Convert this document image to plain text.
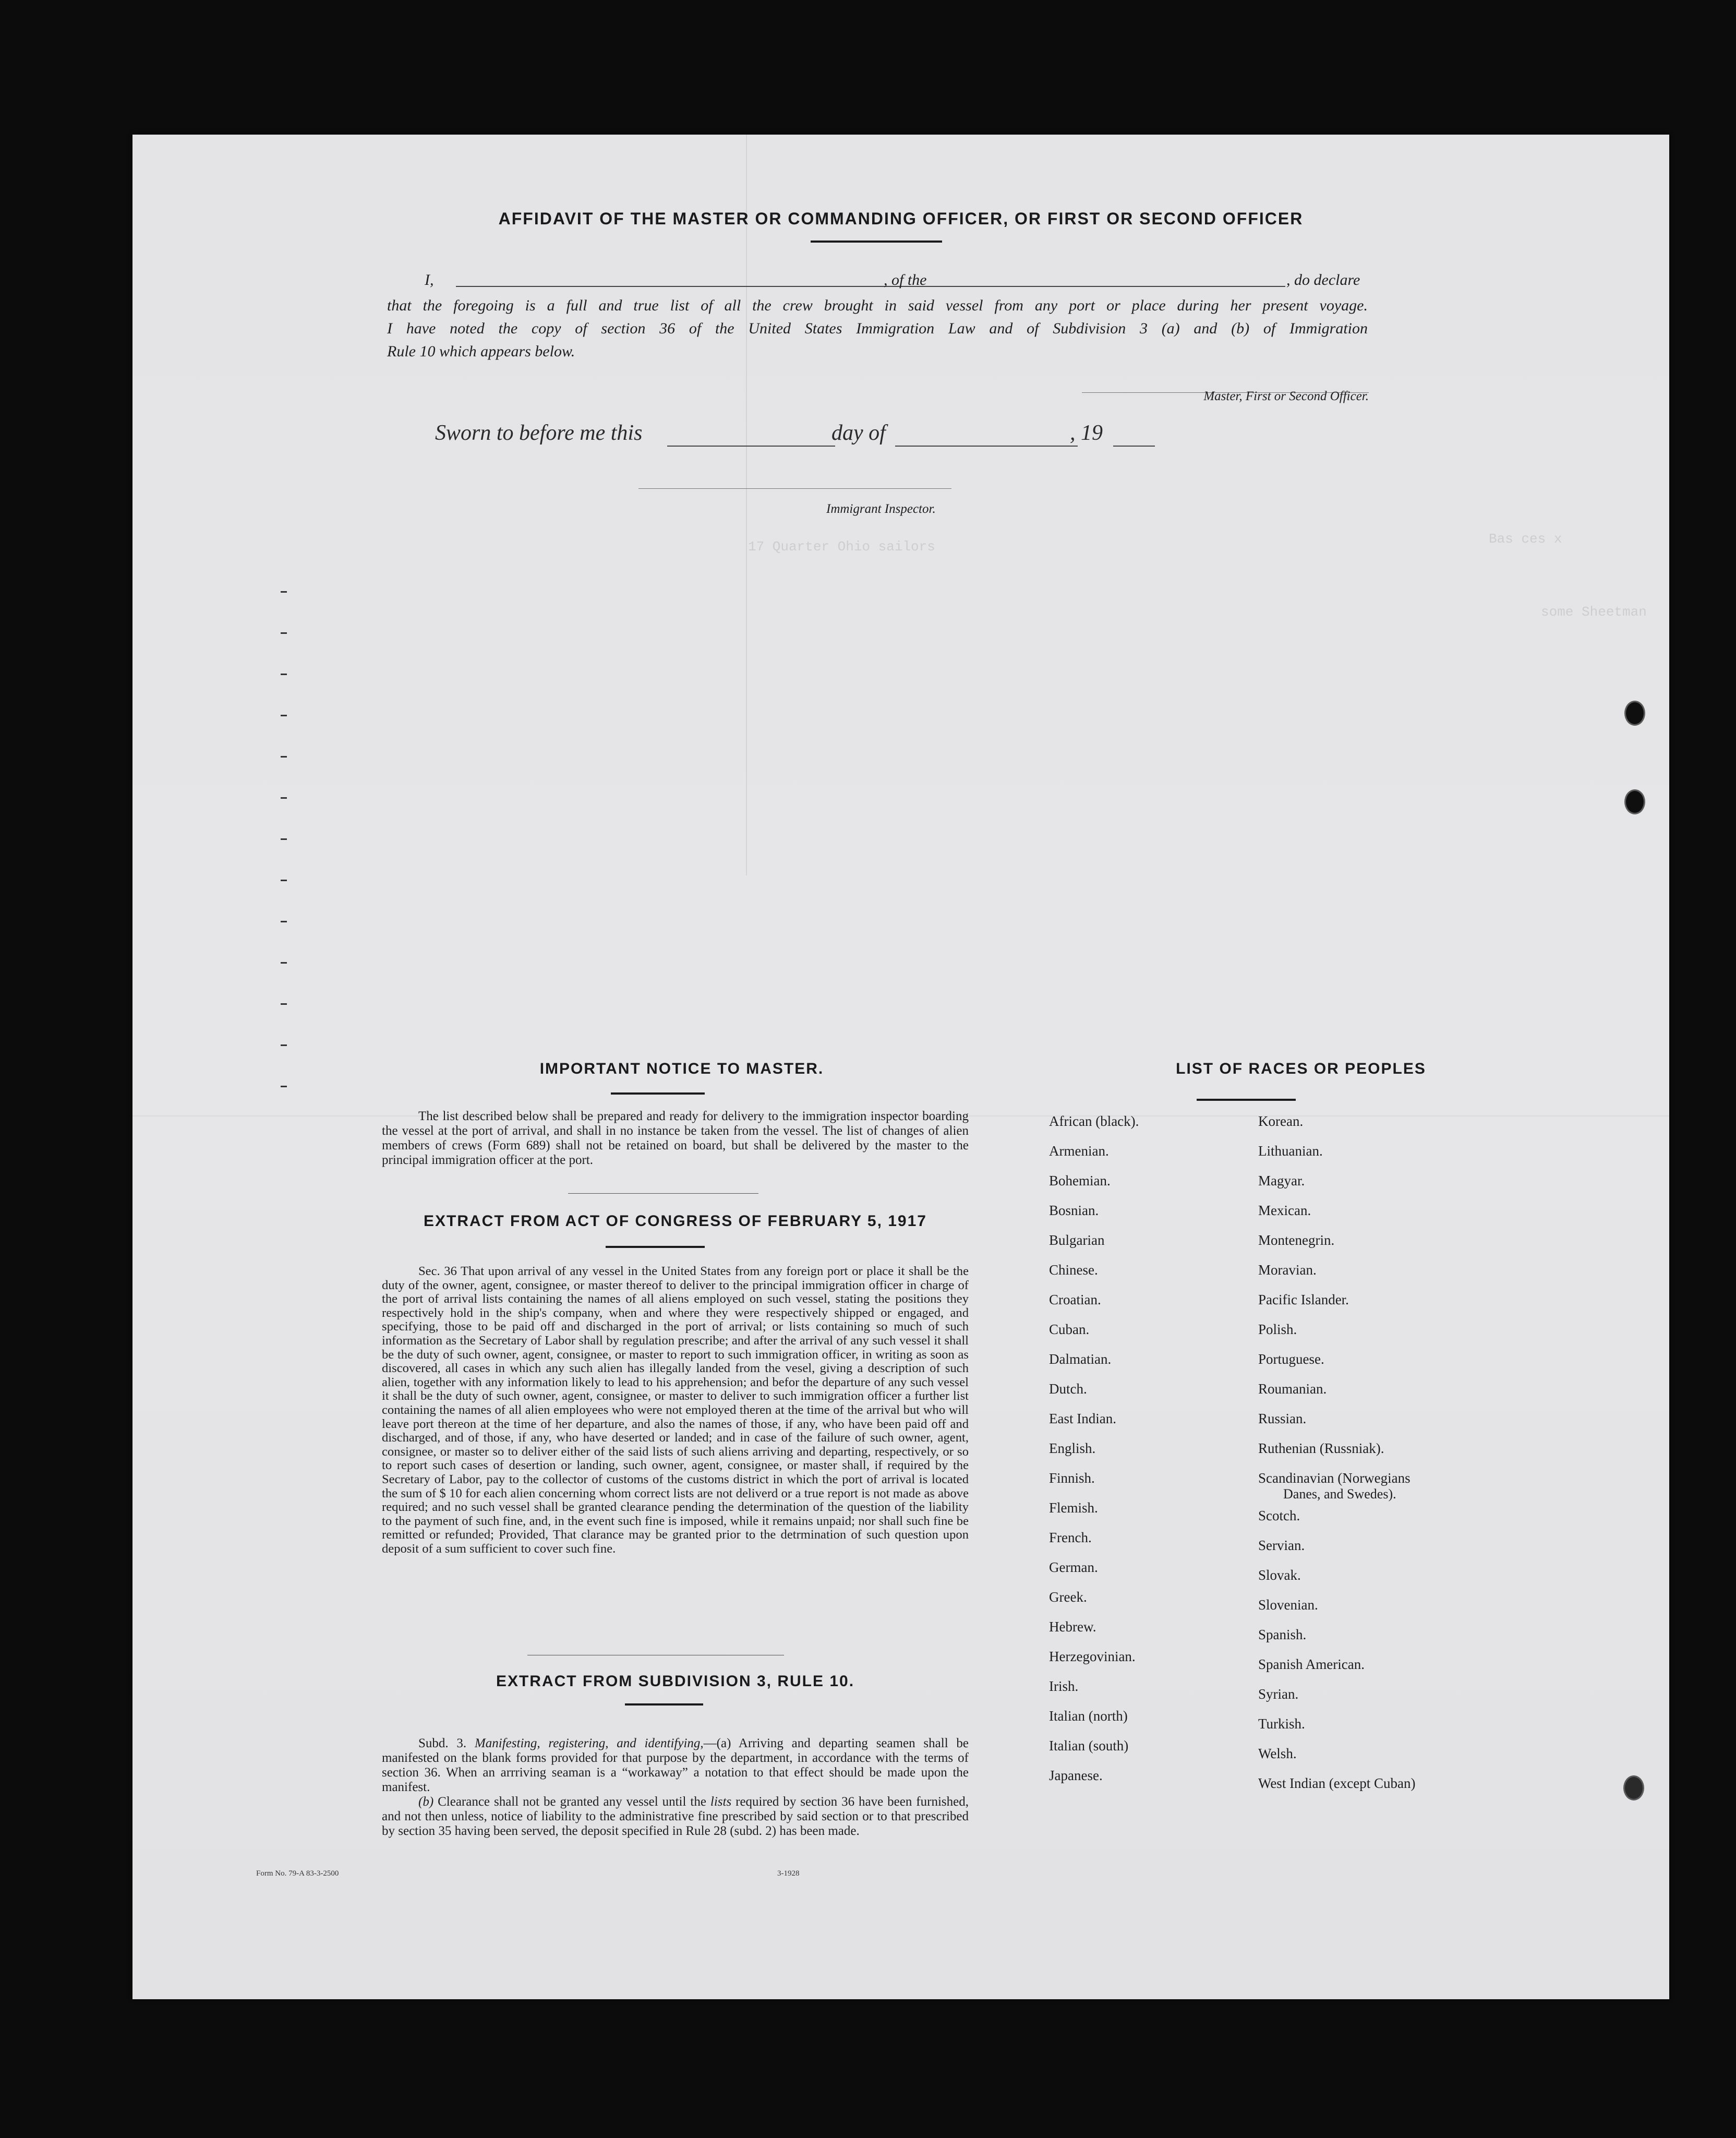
Bas ces x
17 Quarter Ohio sailors
some Sheetman
AFFIDAVIT OF THE MASTER OR COMMANDING OFFICER, OR FIRST OR SECOND OFFICER
I,	, of the	, do declare
that the foregoing is a full and true list of all the crew brought in said vessel from any port or place during her present voyage.
I have noted the copy of section 36 of the United States Immigration Law and of Subdivision 3 (a) and (b) of Immigration
Rule 10 which appears below.
Master, First or Second Officer.
Sworn to before me this	day of	, 19
Immigrant Inspector.
IMPORTANT NOTICE TO MASTER.

The list described below shall be prepared and ready for delivery to the immigration inspector boarding the vessel at the port of arrival, and shall in no instance be taken from the vessel. The list of changes of alien members of crews (Form 689) shall not be retained on board, but shall be delivered by the master to the principal immigration officer at the port.

EXTRACT FROM ACT OF CONGRESS OF FEBRUARY 5, 1917

Sec. 36 That upon arrival of any vessel in the United States from any foreign port or place it shall be the duty of the owner, agent, consignee, or master thereof to deliver to the principal immigration officer in charge of the port of arrival lists containing the names of all aliens employed on such vessel, stating the positions they respectively hold in the ship's company, when and where they were respectively shipped or engaged, and specifying, those to be paid off and discharged in the port of arrival; or lists containing so much of such information as the Secretary of Labor shall by regulation prescribe; and after the arrival of any such vessel it shall be the duty of such owner, agent, consignee, or master to report to such immigration officer, in writing as soon as discovered, all cases in which any such alien has illegally landed from the vesel, giving a description of such alien, together with any information likely to lead to his apprehension; and befor the departure of any such vessel it shall be the duty of such owner, agent, consignee, or master to deliver to such immigration officer a further list containing the names of all alien employees who were not employed theren at the time of the arrival but who will leave port thereon at the time of her departure, and also the names of those, if any, who have been paid off and discharged, and of those, if any, who have deserted or landed; and in case of the failure of such owner, agent, consignee, or master so to deliver either of the said lists of such aliens arriving and departing, respectively, or so to report such cases of desertion or landing, such owner, agent, consignee, or master shall, if required by the Secretary of Labor, pay to the collector of customs of the customs district in which the port of arrival is located the sum of $ 10 for each alien concerning whom correct lists are not deliverd or a true report is not made as above required; and no such vessel shall be granted clearance pending the determination of the question of the liability to the payment of such fine, and, in the event such fine is imposed, while it remains unpaid; nor shall such fine be remitted or refunded; Provided, That clarance may be granted prior to the detrmination of such question upon deposit of a sum sufficient to cover such fine.

EXTRACT FROM SUBDIVISION 3, RULE 10.

Subd. 3. Manifesting, registering, and identifying,—(a) Arriving and departing seamen shall be manifested on the blank forms provided for that purpose by the department, in accordance with the terms of section 36. When an arrriving seaman is a “workaway” a notation to that effect should be made upon the manifest.

(b) Clearance shall not be granted any vessel until the lists required by section 36 have been furnished, and not then unless, notice of liability to the administrative fine prescribed by said section or to that prescribed by section 35 having been served, the deposit specified in Rule 28 (subd. 2) has been made.

Form No. 79-A 83-3-2500	3-1928
LIST OF RACES OR PEOPLES
African (black).
Armenian.
Bohemian.
Bosnian.
Bulgarian
Chinese.
Croatian.
Cuban.
Dalmatian.
Dutch.
East Indian.
English.
Finnish.
Flemish.
French.
German.
Greek.
Hebrew.
Herzegovinian.
Irish.
Italian (north)
Italian (south)
Japanese.
Korean.
Lithuanian.
Magyar.
Mexican.
Montenegrin.
Moravian.
Pacific Islander.
Polish.
Portuguese.
Roumanian.
Russian.
Ruthenian (Russniak).
Scandinavian (Norwegians
Danes, and Swedes).
Scotch.
Servian.
Slovak.
Slovenian.
Spanish.
Spanish American.
Syrian.
Turkish.
Welsh.
West Indian (except Cuban)
